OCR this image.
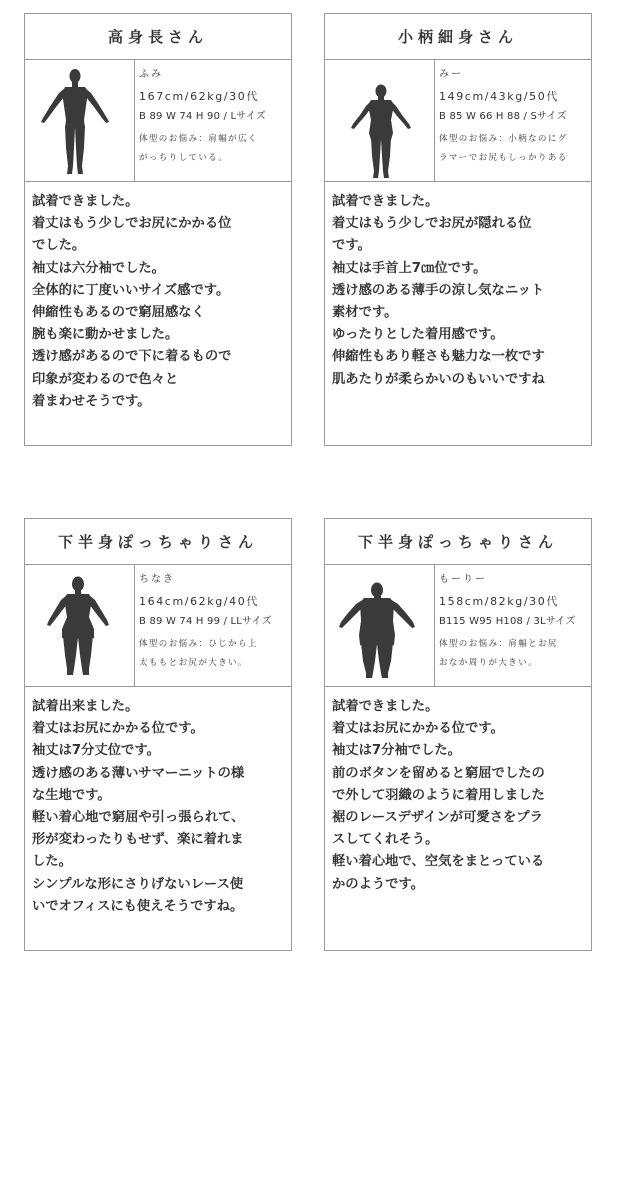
高身長さん
ふみ
167cm/62kg/30代
B 89 W 74 H 90 / Lサイズ
体型のお悩み：肩幅が広く
がっちりしている。
試着できました。
着丈はもう少しでお尻にかかる位
でした。
袖丈は六分袖でした。
全体的に丁度いいサイズ感です。
伸縮性もあるので窮屈感なく
腕も楽に動かせました。
透け感があるので下に着るもので
印象が変わるので色々と
着まわせそうです。
小柄細身さん
みー
149cm/43kg/50代
B 85 W 66 H 88 / Sサイズ
体型のお悩み：小柄なのにグ
ラマーでお尻もしっかりある
試着できました。
着丈はもう少しでお尻が隠れる位
です。
袖丈は手首上7㎝位です。
透け感のある薄手の涼し気なニット
素材です。
ゆったりとした着用感です。
伸縮性もあり軽さも魅力な一枚です
肌あたりが柔らかいのもいいですね
下半身ぽっちゃりさん
ちなき
164cm/62kg/40代
B 89 W 74 H 99 / LLサイズ
体型のお悩み：ひじから上
太ももとお尻が大きい。
試着出来ました。
着丈はお尻にかかる位です。
袖丈は7分丈位です。
透け感のある薄いサマーニットの様
な生地です。
軽い着心地で窮屈や引っ張られて、
形が変わったりもせず、楽に着れま
した。
シンプルな形にさりげないレース使
いでオフィスにも使えそうですね。
下半身ぽっちゃりさん
もーりー
158cm/82kg/30代
B115 W95 H108 / 3Lサイズ
体型のお悩み：肩幅とお尻
おなか周りが大きい。
試着できました。
着丈はお尻にかかる位です。
袖丈は7分袖でした。
前のボタンを留めると窮屈でしたの
で外して羽織のように着用しました
裾のレースデザインが可愛さをプラ
スしてくれそう。
軽い着心地で、空気をまとっている
かのようです。
